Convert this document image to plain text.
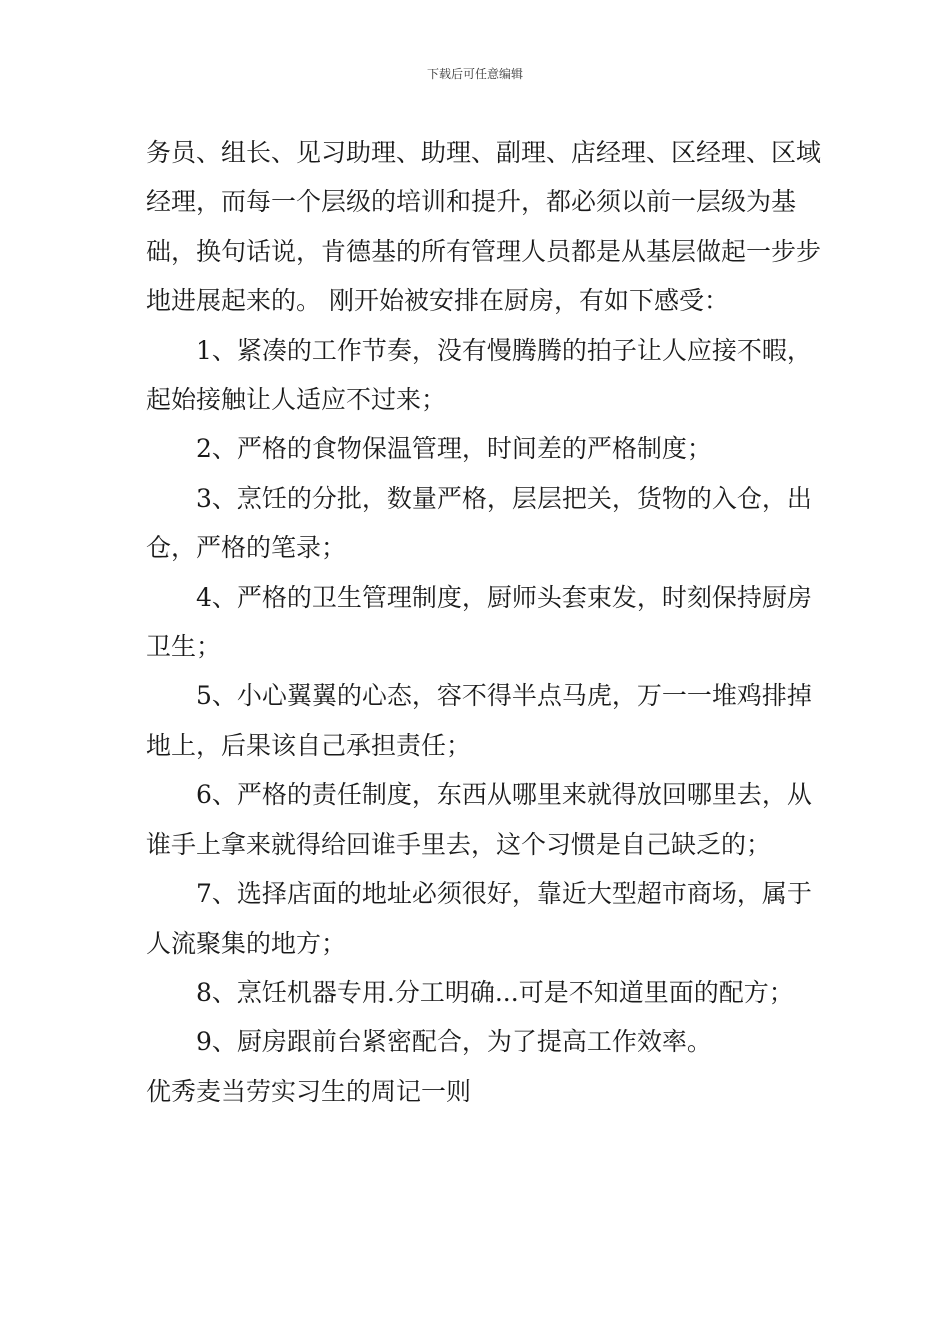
下载后可任意编辑

务员、组长、见习助理、助理、副理、店经理、区经理、区域经理，而每一个层级的培训和提升，都必须以前一层级为基础，换句话说，肯德基的所有管理人员都是从基层做起一步步地进展起来的。 刚开始被安排在厨房，有如下感受：

1、紧凑的工作节奏，没有慢腾腾的拍子让人应接不暇，起始接触让人适应不过来；

2、严格的食物保温管理，时间差的严格制度；

3、烹饪的分批，数量严格，层层把关，货物的入仓，出仓，严格的笔录；

4、严格的卫生管理制度，厨师头套束发，时刻保持厨房卫生；

5、小心翼翼的心态，容不得半点马虎，万一一堆鸡排掉地上，后果该自己承担责任；

6、严格的责任制度，东西从哪里来就得放回哪里去，从谁手上拿来就得给回谁手里去，这个习惯是自己缺乏的；

7、选择店面的地址必须很好，靠近大型超市商场，属于人流聚集的地方；

8、烹饪机器专用.分工明确...可是不知道里面的配方；

9、厨房跟前台紧密配合，为了提高工作效率。

优秀麦当劳实习生的周记一则
